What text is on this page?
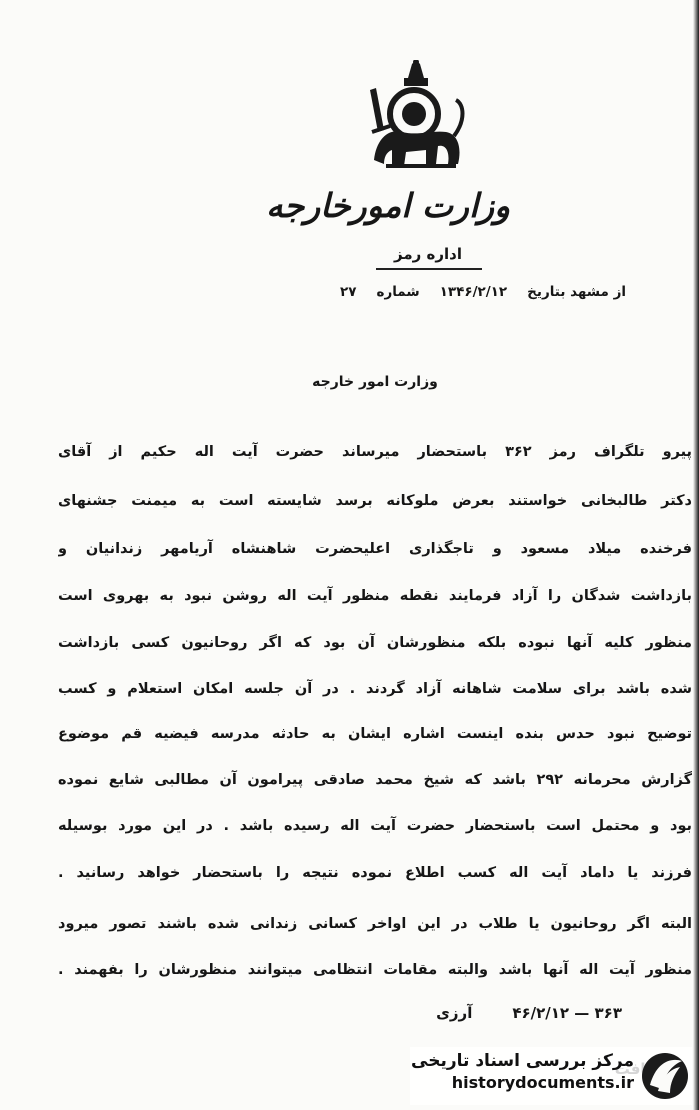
وزارت امورخارجه
اداره رمز
از مشهد بتاریخ
۱۳۴۶/۲/۱۲
شماره
۲۷
وزارت امور خارجه
پیرو تلگراف رمز ۳۶۲ باستحضار میرساند حضرت آیت اله حکیم از آقای
دکتر طالبخانی خواستند بعرض ملوکانه برسد شایسته است به میمنت جشنهای
فرخنده میلاد مسعود و تاجگذاری اعلیحضرت شاهنشاه آریامهر زندانیان و
بازداشت شدگان را آزاد فرمایند نقطه منظور آیت اله روشن نبود به بهروی است
منظور کلیه آنها نبوده بلکه منظورشان آن بود که اگر روحانیون کسی بازداشت
شده باشد برای سلامت شاهانه آزاد گردند . در آن جلسه امکان استعلام و کسب
توضیح نبود حدس بنده اینست اشاره ایشان به حادثه مدرسه فیضیه قم موضوع
گزارش محرمانه ۲۹۲ باشد که شیخ محمد صادقی پیرامون آن مطالبی شایع نموده
بود و محتمل است باستحضار حضرت آیت اله رسیده باشد . در این مورد بوسیله
فرزند یا داماد آیت اله کسب اطلاع نموده نتیجه را باستحضار خواهد رسانید .
البته اگر روحانیون یا طلاب در این اواخر کسانی زندانی شده باشند تصور میرود
منظور آیت اله آنها باشد والبته مقامات انتظامی میتوانند منظورشان را بفهمند .
۳۶۳ — ۴۶/۲/۱۲
آرزی
مرکز بررسی اسناد تاریخی
historydocuments.ir
